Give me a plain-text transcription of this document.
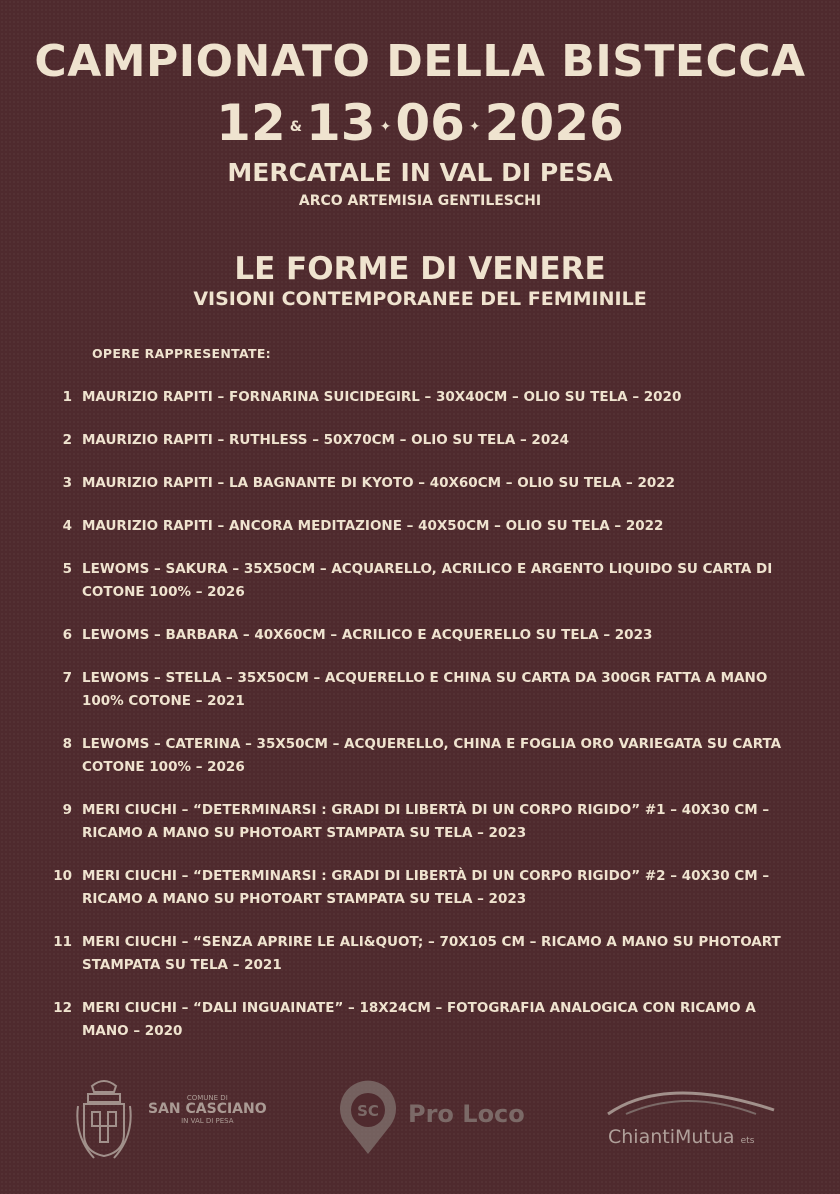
CAMPIONATO DELLA BISTECCA
12 &13 ✦06 ✦2026
MERCATALE IN VAL DI PESA
ARCO ARTEMISIA GENTILESCHI
LE FORME DI VENERE
VISIONI CONTEMPORANEE DEL FEMMINILE
OPERE RAPPRESENTATE:
1 MAURIZIO RAPITI – FORNARINA SUICIDEGIRL – 30X40CM – OLIO SU TELA – 2020
2 MAURIZIO RAPITI – RUTHLESS – 50X70CM – OLIO SU TELA – 2024
3 MAURIZIO RAPITI – LA BAGNANTE DI KYOTO – 40X60CM – OLIO SU TELA – 2022
4 MAURIZIO RAPITI – ANCORA MEDITAZIONE – 40X50CM – OLIO SU TELA – 2022
5 LEWOMS – SAKURA – 35X50CM – ACQUARELLO, ACRILICO E ARGENTO LIQUIDO SU CARTA DI COTONE 100% – 2026
6 LEWOMS – BARBARA – 40X60CM – ACRILICO E ACQUERELLO SU TELA – 2023
7 LEWOMS – STELLA – 35X50CM – ACQUERELLO E CHINA SU CARTA DA 300GR FATTA A MANO 100% COTONE – 2021
8 LEWOMS – CATERINA – 35X50CM – ACQUERELLO, CHINA E FOGLIA ORO VARIEGATA SU CARTA COTONE 100% – 2026
9 MERI CIUCHI – “DETERMINARSI : GRADI DI LIBERTÀ DI UN CORPO RIGIDO” #1 – 40X30 CM – RICAMO A MANO SU PHOTOART STAMPATA SU TELA – 2023
10 MERI CIUCHI – “DETERMINARSI : GRADI DI LIBERTÀ DI UN CORPO RIGIDO” #2 – 40X30 CM – RICAMO A MANO SU PHOTOART STAMPATA SU TELA – 2023
11 MERI CIUCHI – “SENZA APRIRE LE ALI&QUOT; – 70X105 CM – RICAMO A MANO SU PHOTOART STAMPATA SU TELA – 2021
12 MERI CIUCHI – “DALI INGUAINATE” – 18X24CM – FOTOGRAFIA ANALOGICA CON RICAMO A MANO – 2020
COMUNE DI
SAN CASCIANO
IN VAL DI PESA
SC Pro Loco
ChiantiMutua ets
